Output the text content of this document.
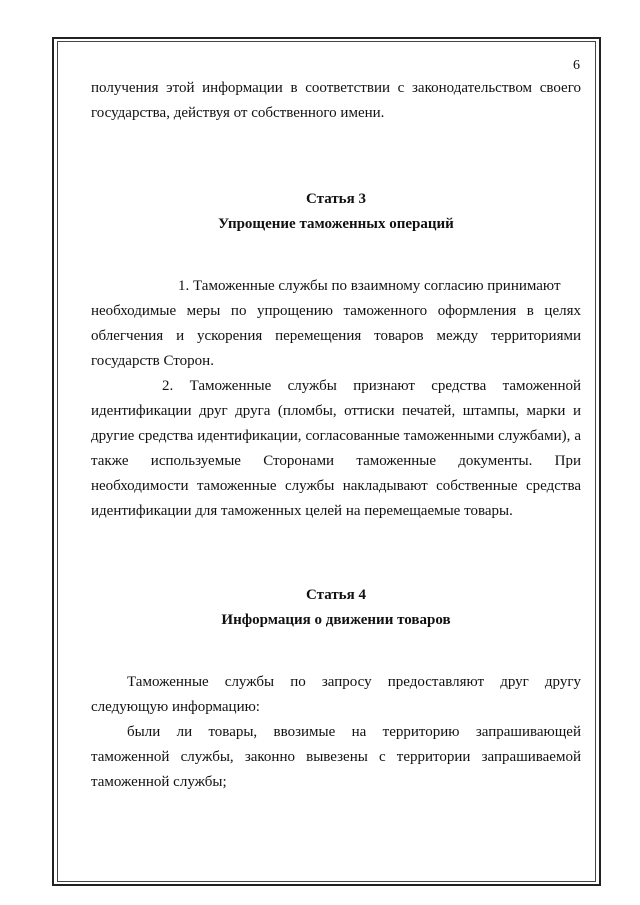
6

получения этой информации в соответствии с законодательством своего государства, действуя от собственного имени.

Статья 3

Упрощение таможенных операций

1. Таможенные службы по взаимному согласию принимают

необходимые меры по упрощению таможенного оформления в целях облегчения и ускорения перемещения товаров между территориями государств Сторон.

2. Таможенные службы признают средства таможенной идентификации друг друга (пломбы, оттиски печатей, штампы, марки и другие средства идентификации, согласованные таможенными службами), а также используемые Сторонами таможенные документы. При необходимости таможенные службы накладывают собственные средства идентификации для таможенных целей на перемещаемые товары.

Статья 4

Информация о движении товаров

Таможенные службы по запросу предоставляют друг другу следующую информацию:

были ли товары, ввозимые на территорию запрашивающей таможенной службы, законно вывезены с территории запрашиваемой таможенной службы;
